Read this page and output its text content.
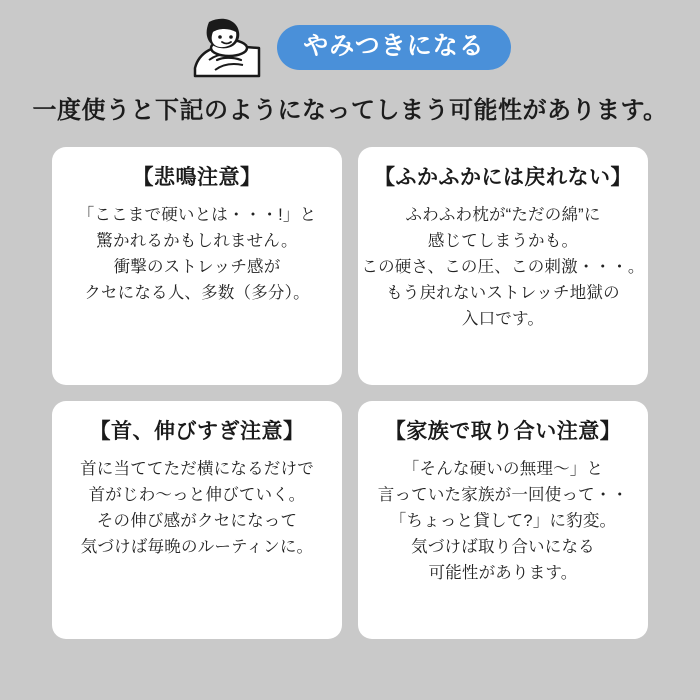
やみつきになる
一度使うと下記のようになってしまう可能性があります。
【悲鳴注意】
「ここまで硬いとは・・・!」と
驚かれるかもしれません。
衝撃のストレッチ感が
クセになる人、多数（多分）。
【ふかふかには戻れない】
ふわふわ枕が“ただの綿”に
感じてしまうかも。
この硬さ、この圧、この刺激・・・。
もう戻れないストレッチ地獄の
入口です。
【首、伸びすぎ注意】
首に当ててただ横になるだけで
首がじわ〜っと伸びていく。
その伸び感がクセになって
気づけば毎晩のルーティンに。
【家族で取り合い注意】
「そんな硬いの無理〜」と
言っていた家族が一回使って・・
「ちょっと貸して?」に豹変。
気づけば取り合いになる
可能性があります。
